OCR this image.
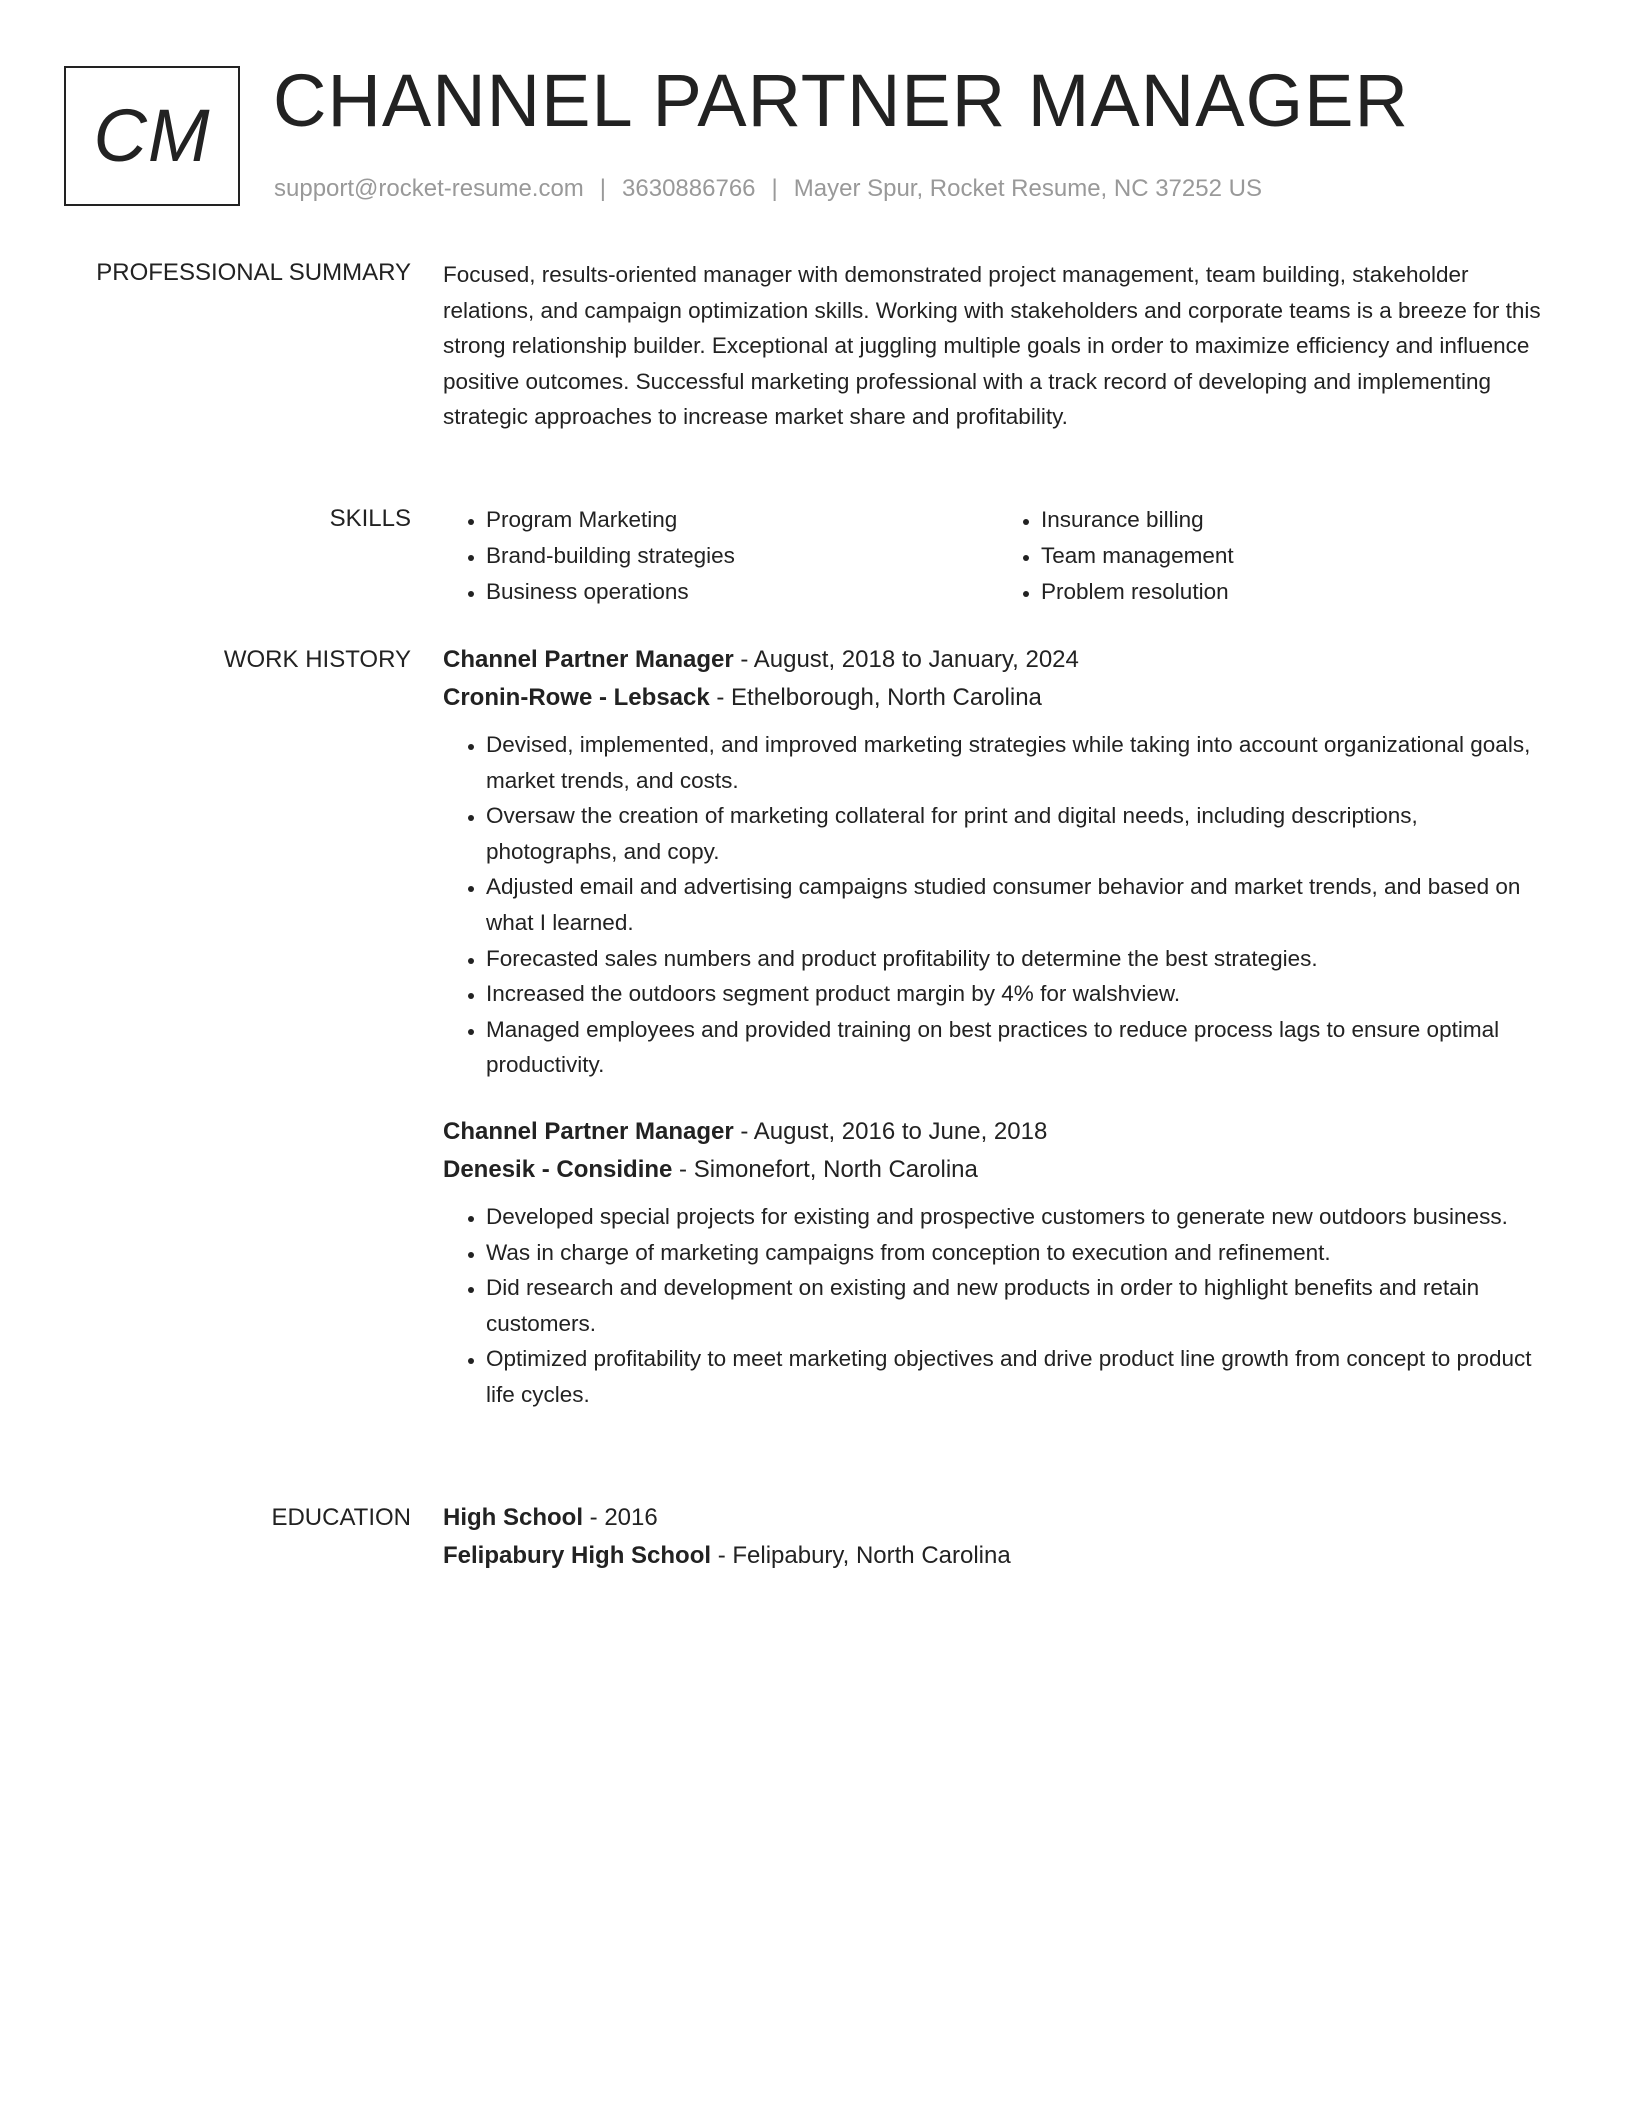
CM CHANNEL PARTNER MANAGER
support@rocket-resume.com | 3630886766 | Mayer Spur, Rocket Resume, NC 37252 US
PROFESSIONAL SUMMARY Focused, results-oriented manager with demonstrated project management, team building, stakeholder relations, and campaign optimization skills. Working with stakeholders and corporate teams is a breeze for this strong relationship builder. Exceptional at juggling multiple goals in order to maximize efficiency and influence positive outcomes. Successful marketing professional with a track record of developing and implementing strategic approaches to increase market share and profitability.

SKILLS
•	Program Marketing
• Brand-building strategies
• Business operations
• Insurance billing
• Team management
• Problem resolution
WORK HISTORY Channel Partner Manager - August, 2018 to January, 2024

Cronin-Rowe - Lebsack - Ethelborough, North Carolina

• Devised, implemented, and improved marketing strategies while taking into account organizational goals, market trends, and costs.
• Oversaw the creation of marketing collateral for print and digital needs, including descriptions, photographs, and copy.
• Adjusted email and advertising campaigns studied consumer behavior and market trends, and based on what I learned.
• Forecasted sales numbers and product profitability to determine the best strategies.
• Increased the outdoors segment product margin by 4% for walshview.
• Managed employees and provided training on best practices to reduce process lags to ensure optimal productivity.

Channel Partner Manager - August, 2016 to June, 2018

Denesik - Considine - Simonefort, North Carolina

• Developed special projects for existing and prospective customers to generate new outdoors business.
• Was in charge of marketing campaigns from conception to execution and refinement.
• Did research and development on existing and new products in order to highlight benefits and retain customers.
• Optimized profitability to meet marketing objectives and drive product line growth from concept to product life cycles.
EDUCATION High School - 2016

Felipabury High School - Felipabury, North Carolina
